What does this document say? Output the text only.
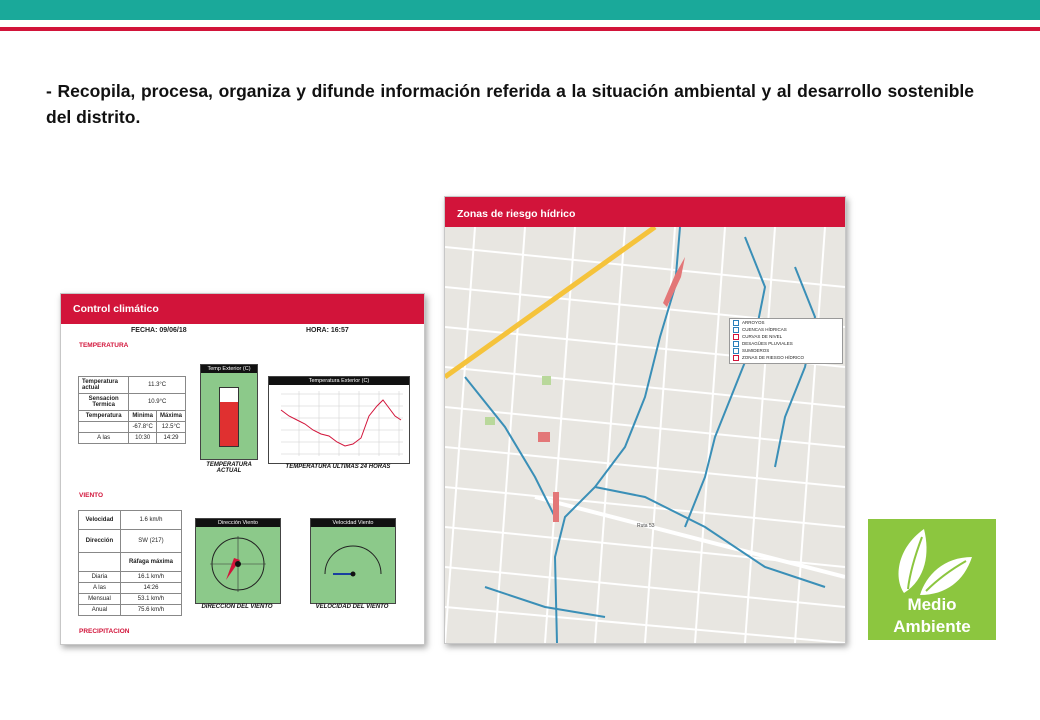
- Recopila, procesa, organiza y difunde información referida a la situación ambiental y al desarrollo sostenible del distrito.
Control climático
FECHA: 09/06/18	HORA: 16:57
TEMPERATURA
Temperatura actual	11.3°C	
Sensacion Termica	10.9°C	
Temperatura	Minima	Máxima
	-67.8°C	12.5°C
A las	10:30	14:29
Temp Exterior (C)
TEMPERATURA ACTUAL
Temperatura Exterior (C)
TEMPERATURA ULTIMAS 24 HORAS
VIENTO
Velocidad	1.6 km/h
Dirección	SW (217)
	Ráfaga máxima
Diaria	16.1 km/h
A las	14:26
Mensual	53.1 km/h
Anual	75.6 km/h
Dirección Viento
DIRECCION DEL VIENTO
Velocidad Viento
VELOCIDAD DEL VIENTO
PRECIPITACION
Zonas de riesgo hídrico
ARROYOS
CUENCAS HÍDRICAS
CURVAS DE NIVEL
DESAGÜES PLUVIALES
SUMIDEROS
ZONAS DE RIESGO HÍDRICO
Ruta 53
Medio
Ambiente
